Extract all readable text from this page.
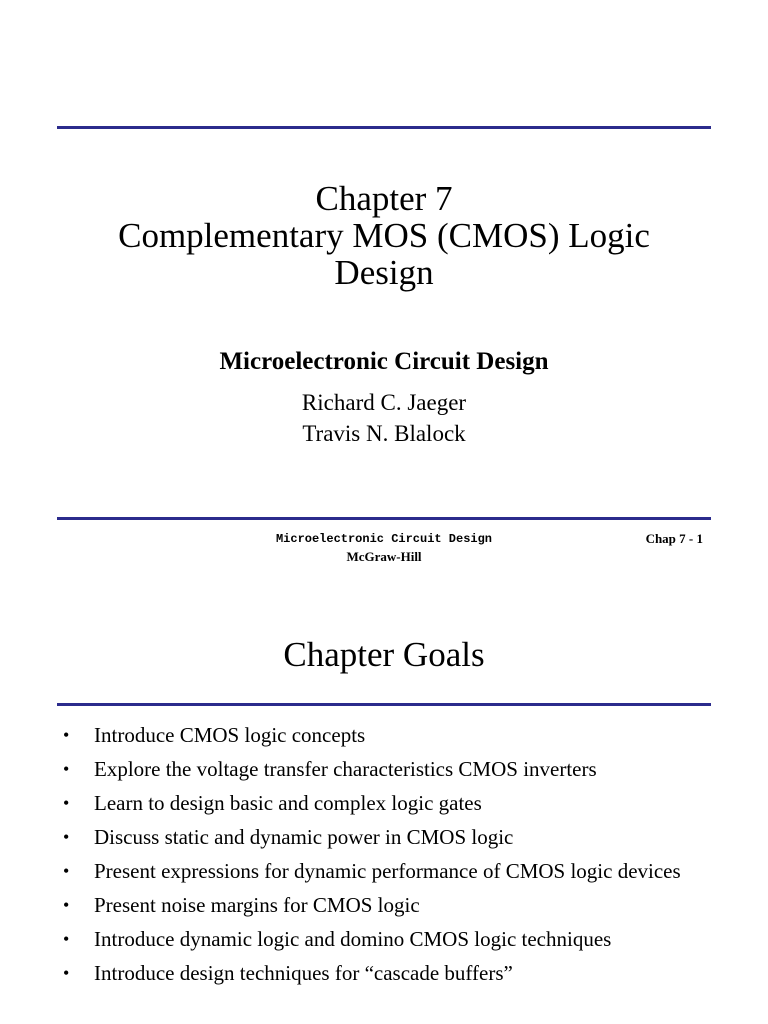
Chapter 7
Complementary MOS (CMOS) Logic
Design
Microelectronic Circuit Design
Richard C. Jaeger
Travis N. Blalock
Microelectronic Circuit Design
McGraw-Hill
Chap 7 - 1
Chapter Goals
• Introduce CMOS logic concepts
• Explore the voltage transfer characteristics CMOS inverters
• Learn to design basic and complex logic gates
• Discuss static and dynamic power in CMOS logic
• Present expressions for dynamic performance of CMOS logic devices
• Present noise margins for CMOS logic
• Introduce dynamic logic and domino CMOS logic techniques
• Introduce design techniques for “cascade buffers”
